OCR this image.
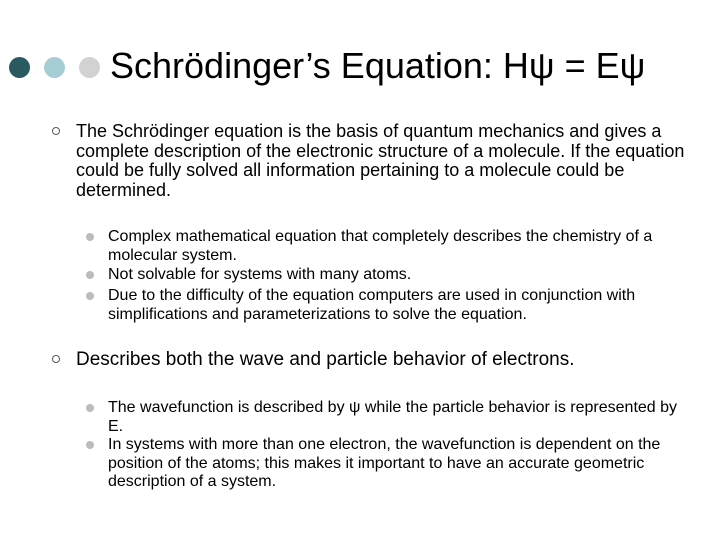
Schrödinger’s Equation: Hψ = Eψ
The Schrödinger equation is the basis of quantum mechanics and gives a complete description of the electronic structure of a molecule. If the equation could be fully solved all information pertaining to a molecule could be determined.
Complex mathematical equation that completely describes the chemistry of a molecular system.
Not solvable for systems with many atoms.
Due to the difficulty of the equation computers are used in conjunction with simplifications and parameterizations to solve the equation.
Describes both the wave and particle behavior of electrons.
The wavefunction is described by ψ while the particle behavior is represented by E.
In systems with more than one electron, the wavefunction is dependent on the position of the atoms; this makes it important to have an accurate geometric description of a system.
